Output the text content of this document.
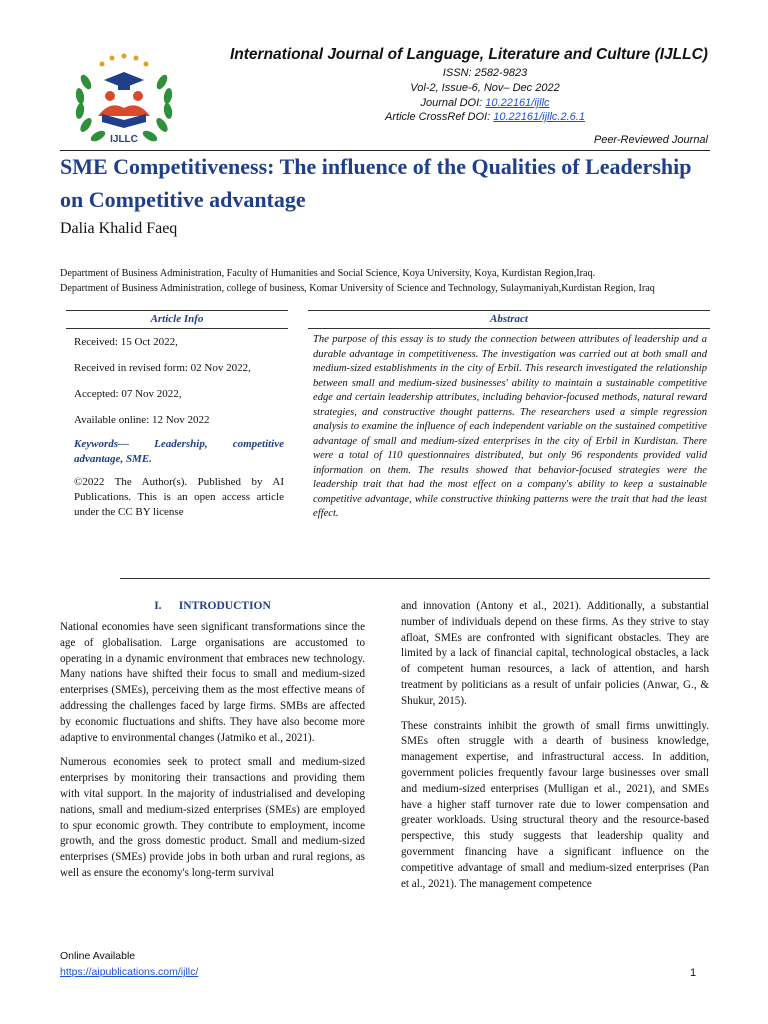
IJLLC
International Journal of Language, Literature and Culture (IJLLC)
ISSN: 2582-9823
Vol-2, Issue-6, Nov– Dec 2022
Journal DOI: 10.22161/ijllc
Article CrossRef DOI: 10.22161/ijllc.2.6.1
Peer-Reviewed Journal
SME Competitiveness: The influence of the Qualities of Leadership on Competitive advantage
Dalia Khalid Faeq
Department of Business Administration, Faculty of Humanities and Social Science, Koya University, Koya, Kurdistan Region,Iraq.
Department of Business Administration, college of business, Komar University of Science and Technology, Sulaymaniyah,Kurdistan Region, Iraq
Article Info	Abstract
Received: 15 Oct 2022,
Received in revised form: 02 Nov 2022,
Accepted: 07 Nov 2022,
Available online: 12 Nov 2022
Keywords— Leadership, competitive advantage, SME.
©2022 The Author(s). Published by AI Publications. This is an open access article under the CC BY license
The purpose of this essay is to study the connection between attributes of leadership and a durable advantage in competitiveness. The investigation was carried out at both small and medium-sized establishments in the city of Erbil. This research investigated the relationship between small and medium-sized businesses' ability to maintain a sustainable competitive edge and certain leadership attributes, including behavior-focused methods, natural reward strategies, and constructive thought patterns. The researchers used a simple regression analysis to examine the influence of each independent variable on the sustained competitive advantage of small and medium-sized enterprises in the city of Erbil in Kurdistan. There were a total of 110 questionnaires distributed, but only 96 respondents provided valid information on them. The results showed that behavior-focused strategies were the leadership trait that had the most effect on a company's ability to keep a sustainable competitive advantage, while constructive thinking patterns were the trait that had the least effect.
I.      INTRODUCTION

National economies have seen significant transformations since the age of globalisation. Large organisations are accustomed to operating in a dynamic environment that embraces new technology. Many nations have shifted their focus to small and medium-sized enterprises (SMEs), perceiving them as the most effective means of addressing the challenges faced by large firms. SMBs are affected by economic fluctuations and shifts. They have also become more adaptive to environmental changes (Jatmiko et al., 2021).

Numerous economies seek to protect small and medium-sized enterprises by monitoring their transactions and providing them with vital support. In the majority of industrialised and developing nations, small and medium-sized enterprises (SMEs) are employed to spur economic growth. They contribute to employment, income growth, and the gross domestic product. Small and medium-sized enterprises (SMEs) provide jobs in both urban and rural regions, as well as ensure the economy's long-term survival

and innovation (Antony et al., 2021). Additionally, a substantial number of individuals depend on these firms. As they strive to stay afloat, SMEs are confronted with significant obstacles. They are limited by a lack of financial capital, technological obstacles, a lack of competent human resources, a lack of attention, and harsh treatment by politicians as a result of unfair policies (Anwar, G., & Shukur, 2015).

These constraints inhibit the growth of small firms unwittingly. SMEs often struggle with a dearth of business knowledge, management expertise, and infrastructural access. In addition, government policies frequently favour large businesses over small and medium-sized enterprises (Mulligan et al., 2021), and SMEs have a higher staff turnover rate due to lower compensation and greater workloads. Using structural theory and the resource-based perspective, this study suggests that leadership quality and government financing have a significant influence on the competitive advantage of small and medium-sized enterprises (Pan et al., 2021). The management competence

Online Available
https://aipublications.com/ijllc/	1
